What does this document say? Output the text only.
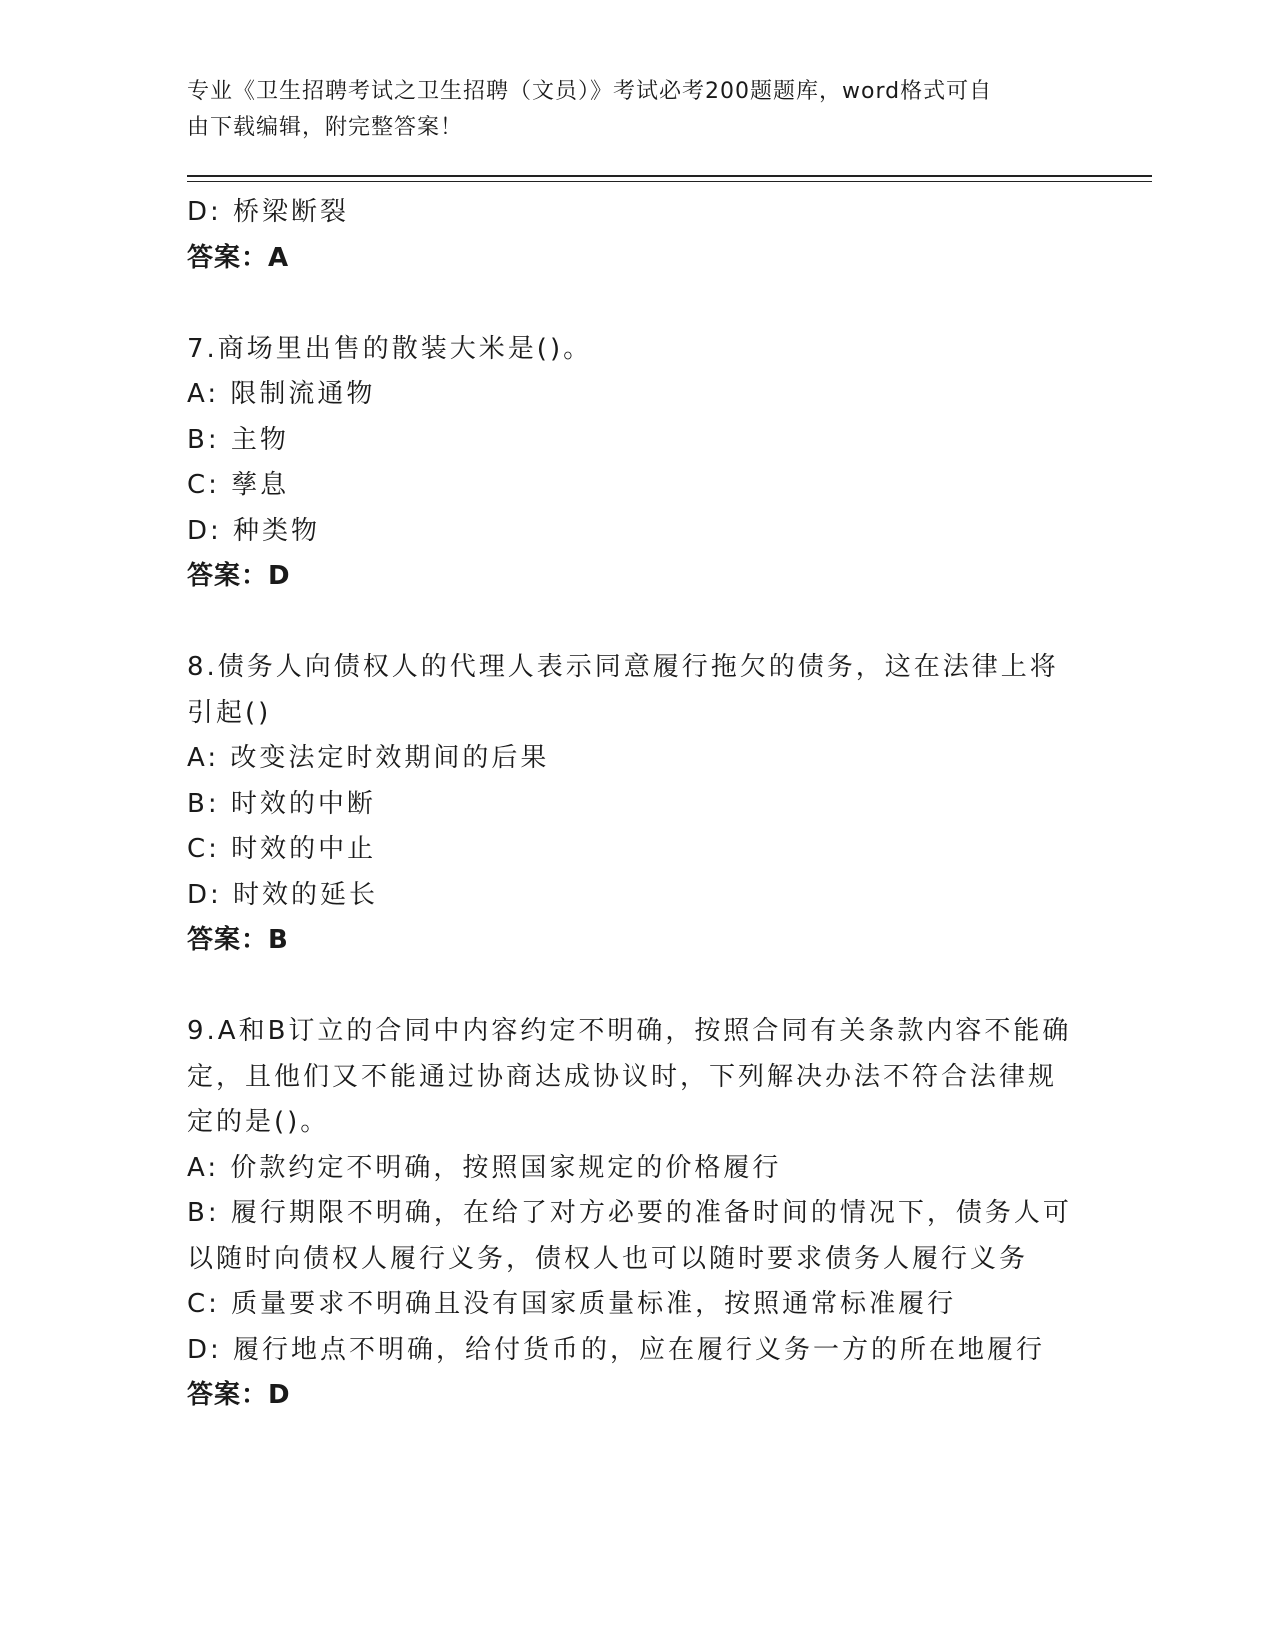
专业《卫生招聘考试之卫生招聘（文员）》考试必考200题题库，word格式可自
由下载编辑，附完整答案！
D: 桥梁断裂
答案：A
7.商场里出售的散装大米是()。
A: 限制流通物
B: 主物
C: 孳息
D: 种类物
答案：D
8.债务人向债权人的代理人表示同意履行拖欠的债务，这在法律上将
引起()
A: 改变法定时效期间的后果
B: 时效的中断
C: 时效的中止
D: 时效的延长
答案：B
9.A和B订立的合同中内容约定不明确，按照合同有关条款内容不能确
定，且他们又不能通过协商达成协议时，下列解决办法不符合法律规
定的是()。
A: 价款约定不明确，按照国家规定的价格履行
B: 履行期限不明确，在给了对方必要的准备时间的情况下，债务人可
以随时向债权人履行义务，债权人也可以随时要求债务人履行义务
C: 质量要求不明确且没有国家质量标准，按照通常标准履行
D: 履行地点不明确，给付货币的，应在履行义务一方的所在地履行
答案：D
